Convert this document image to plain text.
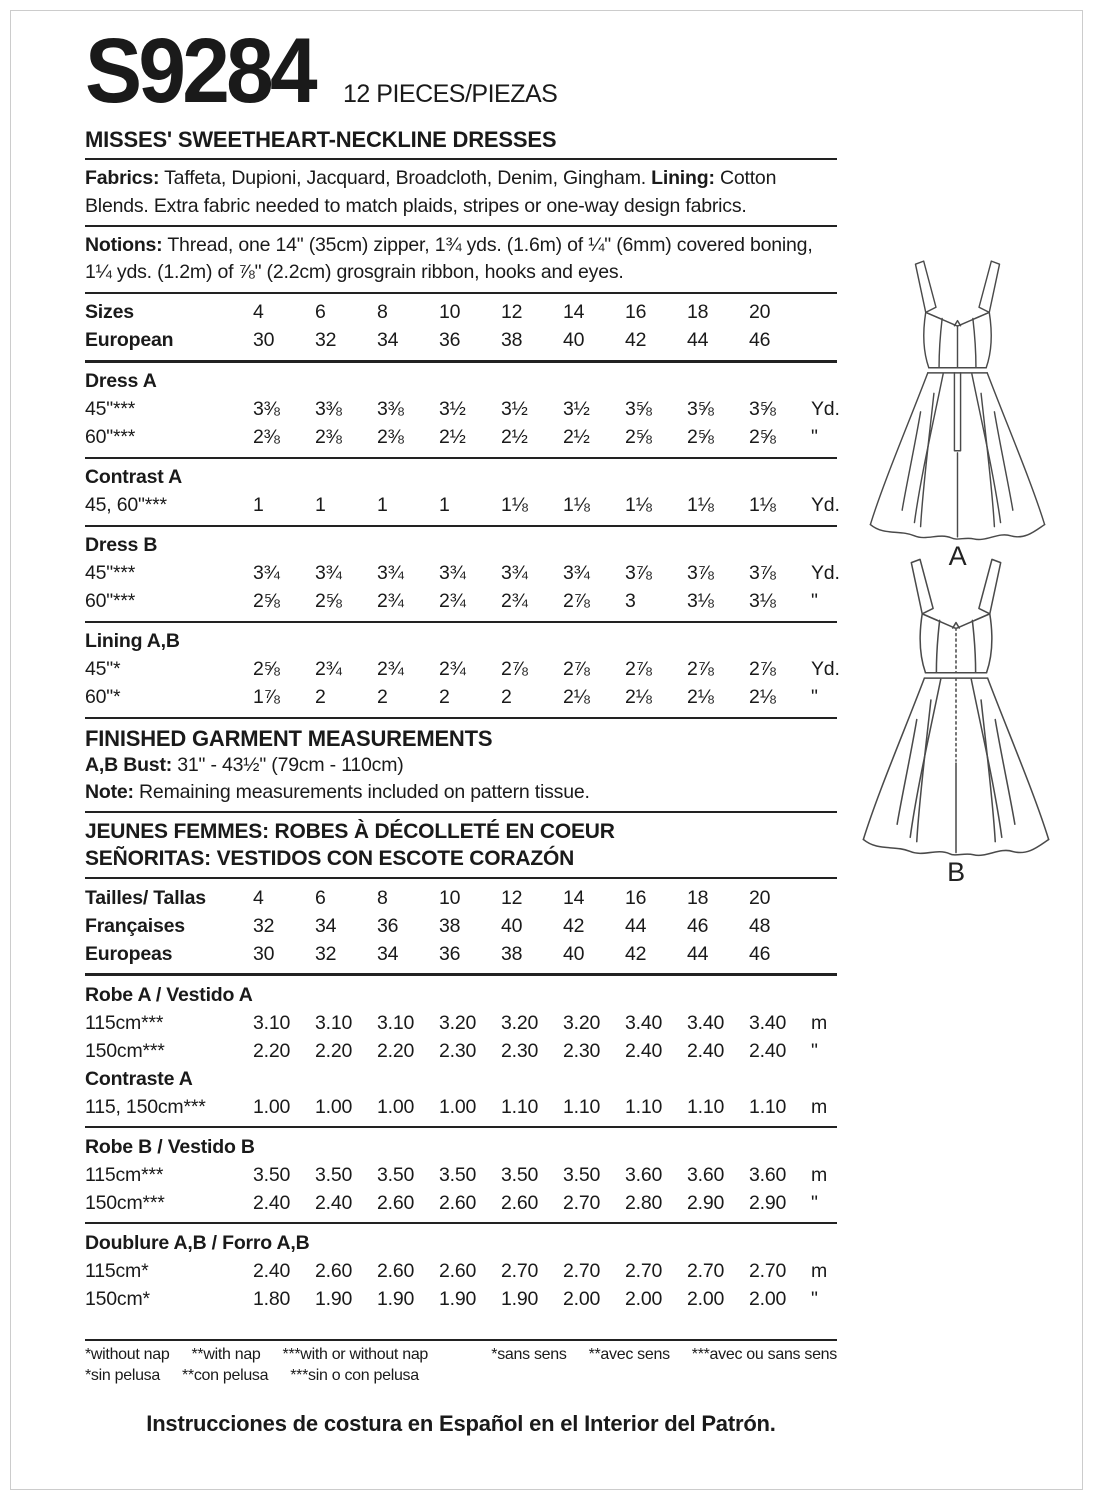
S9284 12 PIECES/PIEZAS
MISSES' SWEETHEART-NECKLINE DRESSES

Fabrics: Taffeta, Dupioni, Jacquard, Broadcloth, Denim, Gingham. Lining: Cotton Blends. Extra fabric needed to match plaids, stripes or one-way design fabrics.

Notions: Thread, one 14" (35cm) zipper, 1¾ yds. (1.6m) of ¼" (6mm) covered boning, 1¼ yds. (1.2m) of ⅞" (2.2cm) grosgrain ribbon, hooks and eyes.

Sizes	4	6	8	10	12	14	16	18	20
European	30	32	34	36	38	40	42	44	46
Dress A
45"***	3⅜	3⅜	3⅜	3½	3½	3½	3⅝	3⅝	3⅝	Yd.
60"***	2⅜	2⅜	2⅜	2½	2½	2½	2⅝	2⅝	2⅝	"
Contrast A
45, 60"***	1	1	1	1	1⅛	1⅛	1⅛	1⅛	1⅛	Yd.
Dress B
45"***	3¾	3¾	3¾	3¾	3¾	3¾	3⅞	3⅞	3⅞	Yd.
60"***	2⅝	2⅝	2¾	2¾	2¾	2⅞	3	3⅛	3⅛	"
Lining A,B
45"*	2⅝	2¾	2¾	2¾	2⅞	2⅞	2⅞	2⅞	2⅞	Yd.
60"*	1⅞	2	2	2	2	2⅛	2⅛	2⅛	2⅛	"
FINISHED GARMENT MEASUREMENTS
A,B Bust: 31" - 43½" (79cm - 110cm)
Note: Remaining measurements included on pattern tissue.
JEUNES FEMMES: ROBES À DÉCOLLETÉ EN COEUR
SEÑORITAS: VESTIDOS CON ESCOTE CORAZÓN
Tailles/ Tallas	4	6	8	10	12	14	16	18	20
Françaises	32	34	36	38	40	42	44	46	48
Europeas	30	32	34	36	38	40	42	44	46
Robe A / Vestido A
115cm***	3.10	3.10	3.10	3.20	3.20	3.20	3.40	3.40	3.40	m
150cm***	2.20	2.20	2.20	2.30	2.30	2.30	2.40	2.40	2.40	"
Contraste A
115, 150cm***	1.00	1.00	1.00	1.00	1.10	1.10	1.10	1.10	1.10	m
Robe B / Vestido B
115cm***	3.50	3.50	3.50	3.50	3.50	3.50	3.60	3.60	3.60	m
150cm***	2.40	2.40	2.60	2.60	2.60	2.70	2.80	2.90	2.90	"
Doublure A,B / Forro A,B
115cm*	2.40	2.60	2.60	2.60	2.70	2.70	2.70	2.70	2.70	m
150cm*	1.80	1.90	1.90	1.90	1.90	2.00	2.00	2.00	2.00	"
*without nap **with nap ***with or without nap
*sin pelusa **con pelusa ***sin o con pelusa
*sans sens **avec sens ***avec ou sans sens
Instrucciones de costura en Español en el Interior del Patrón.
A
B
